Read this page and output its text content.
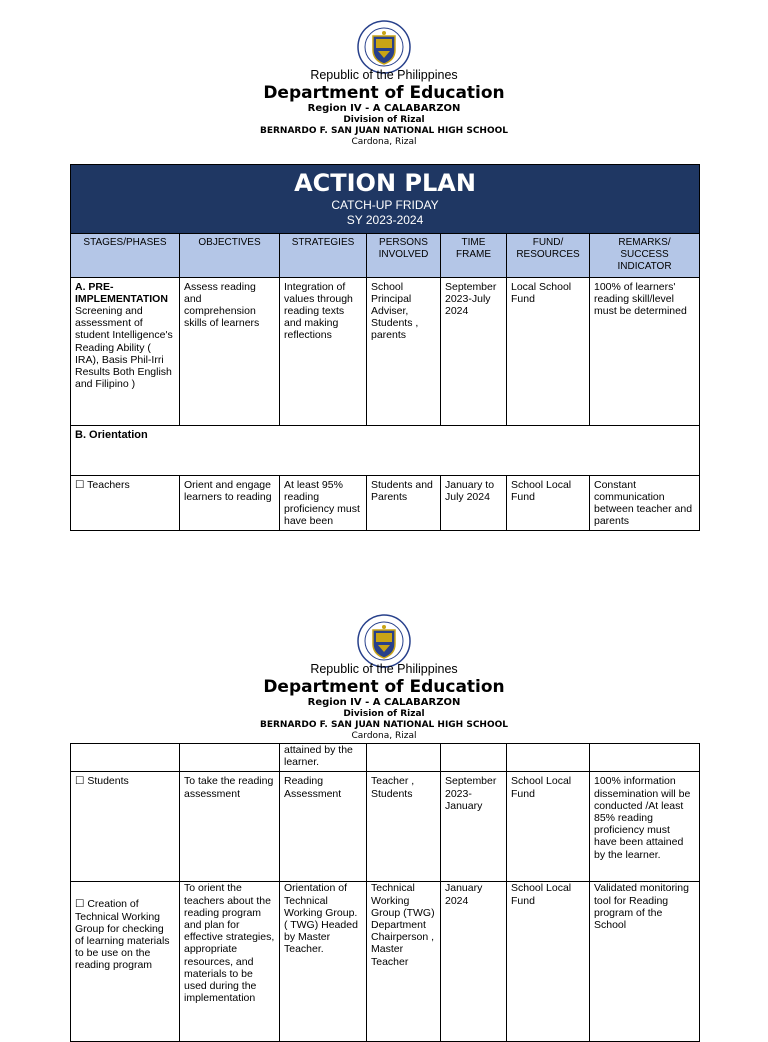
Republic of the Philippines
Department of Education
Region IV - A CALABARZON
Division of Rizal
BERNARDO F. SAN JUAN NATIONAL HIGH SCHOOL
Cardona, Rizal
ACTION PLAN
CATCH-UP FRIDAY
SY 2023-2024						

STAGES/PHASES	OBJECTIVES	STRATEGIES	PERSONS INVOLVED	TIME FRAME	FUND/ RESOURCES	REMARKS/ SUCCESS INDICATOR

A. PRE-IMPLEMENTATION
Screening and assessment of student Intelligence's Reading Ability ( IRA), Basis Phil-Irri Results Both English and Filipino )	Assess reading and comprehension skills of learners	Integration of values through reading texts and making reflections	School Principal Adviser, Students , parents	September 2023-July 2024	Local School Fund	100% of learners' reading skill/level must be determined
B. Orientation						
☐ Teachers	Orient and engage learners to reading	At least 95% reading proficiency must have been	Students and Parents	January to July 2024	School Local Fund	Constant communication between teacher and parents
Republic of the Philippines
Department of Education
Region IV - A CALABARZON
Division of Rizal
BERNARDO F. SAN JUAN NATIONAL HIGH SCHOOL
Cardona, Rizal
		attained by the learner.				
☐ Students	To take the reading assessment	Reading Assessment	Teacher , Students	September 2023-January	School Local Fund	100% information dissemination will be conducted /At least 85% reading proficiency must have been attained by the learner.
☐ Creation of Technical Working Group for checking of learning materials to be use on the reading program	To orient the teachers about the reading program and plan for effective strategies, appropriate resources, and materials to be used during the implementation	Orientation of Technical Working Group. ( TWG) Headed by Master Teacher.	Technical Working Group (TWG) Department Chairperson , Master Teacher	January 2024	School Local Fund	Validated monitoring tool for Reading program of the School
